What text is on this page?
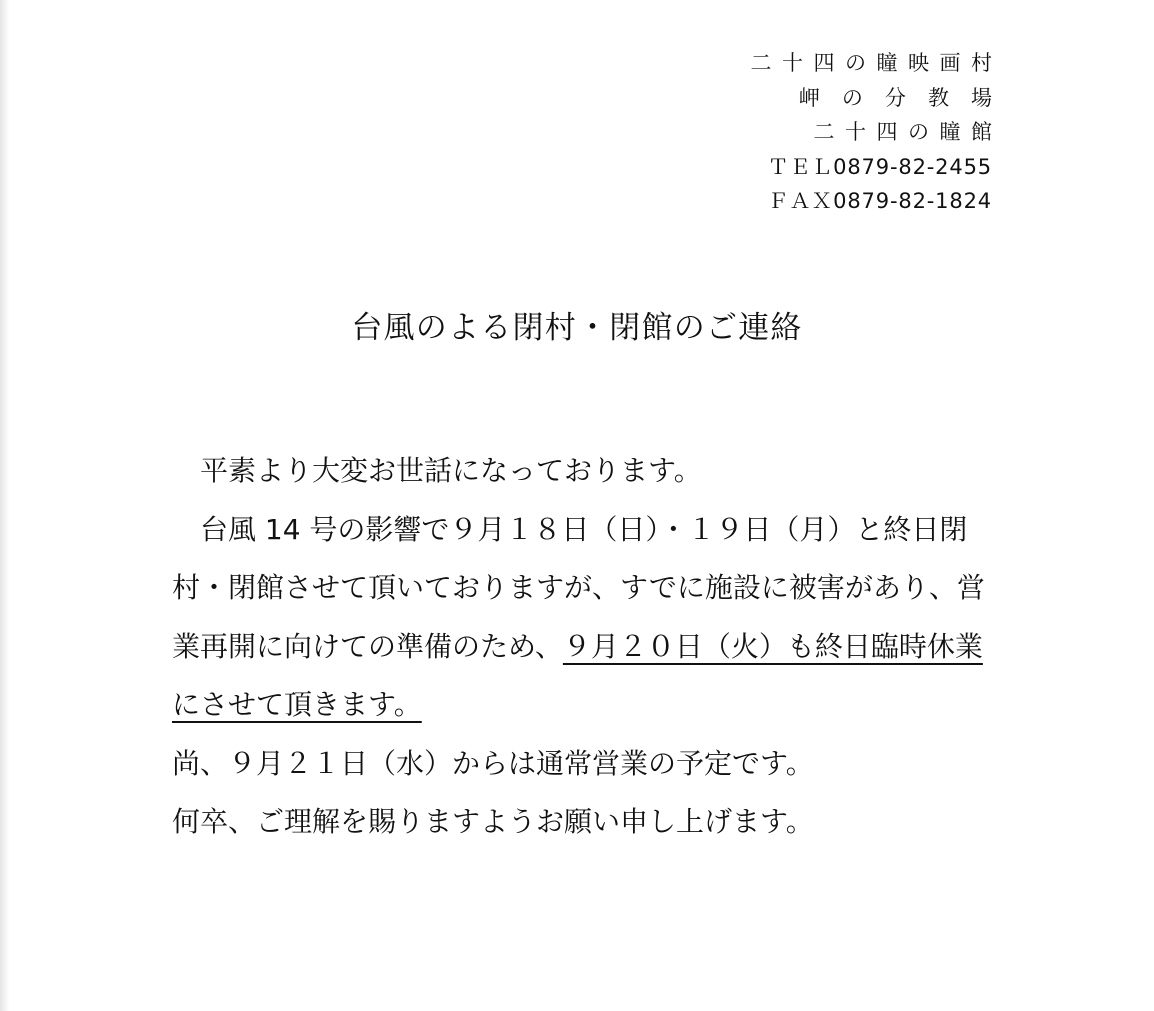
二十四の瞳映画村
岬の分教場
二十四の瞳館
ＴＥＬ0879-82-2455
ＦＡＸ0879-82-1824
台風のよる閉村・閉館のご連絡

平素より大変お世話になっております。

台風 14 号の影響で９月１８日（日）・１９日（月）と終日閉村・閉館させて頂いておりますが、すでに施設に被害があり、営業再開に向けての準備のため、９月２０日（火）も終日臨時休業にさせて頂きます。

尚、９月２１日（水）からは通常営業の予定です。

何卒、ご理解を賜りますようお願い申し上げます。
